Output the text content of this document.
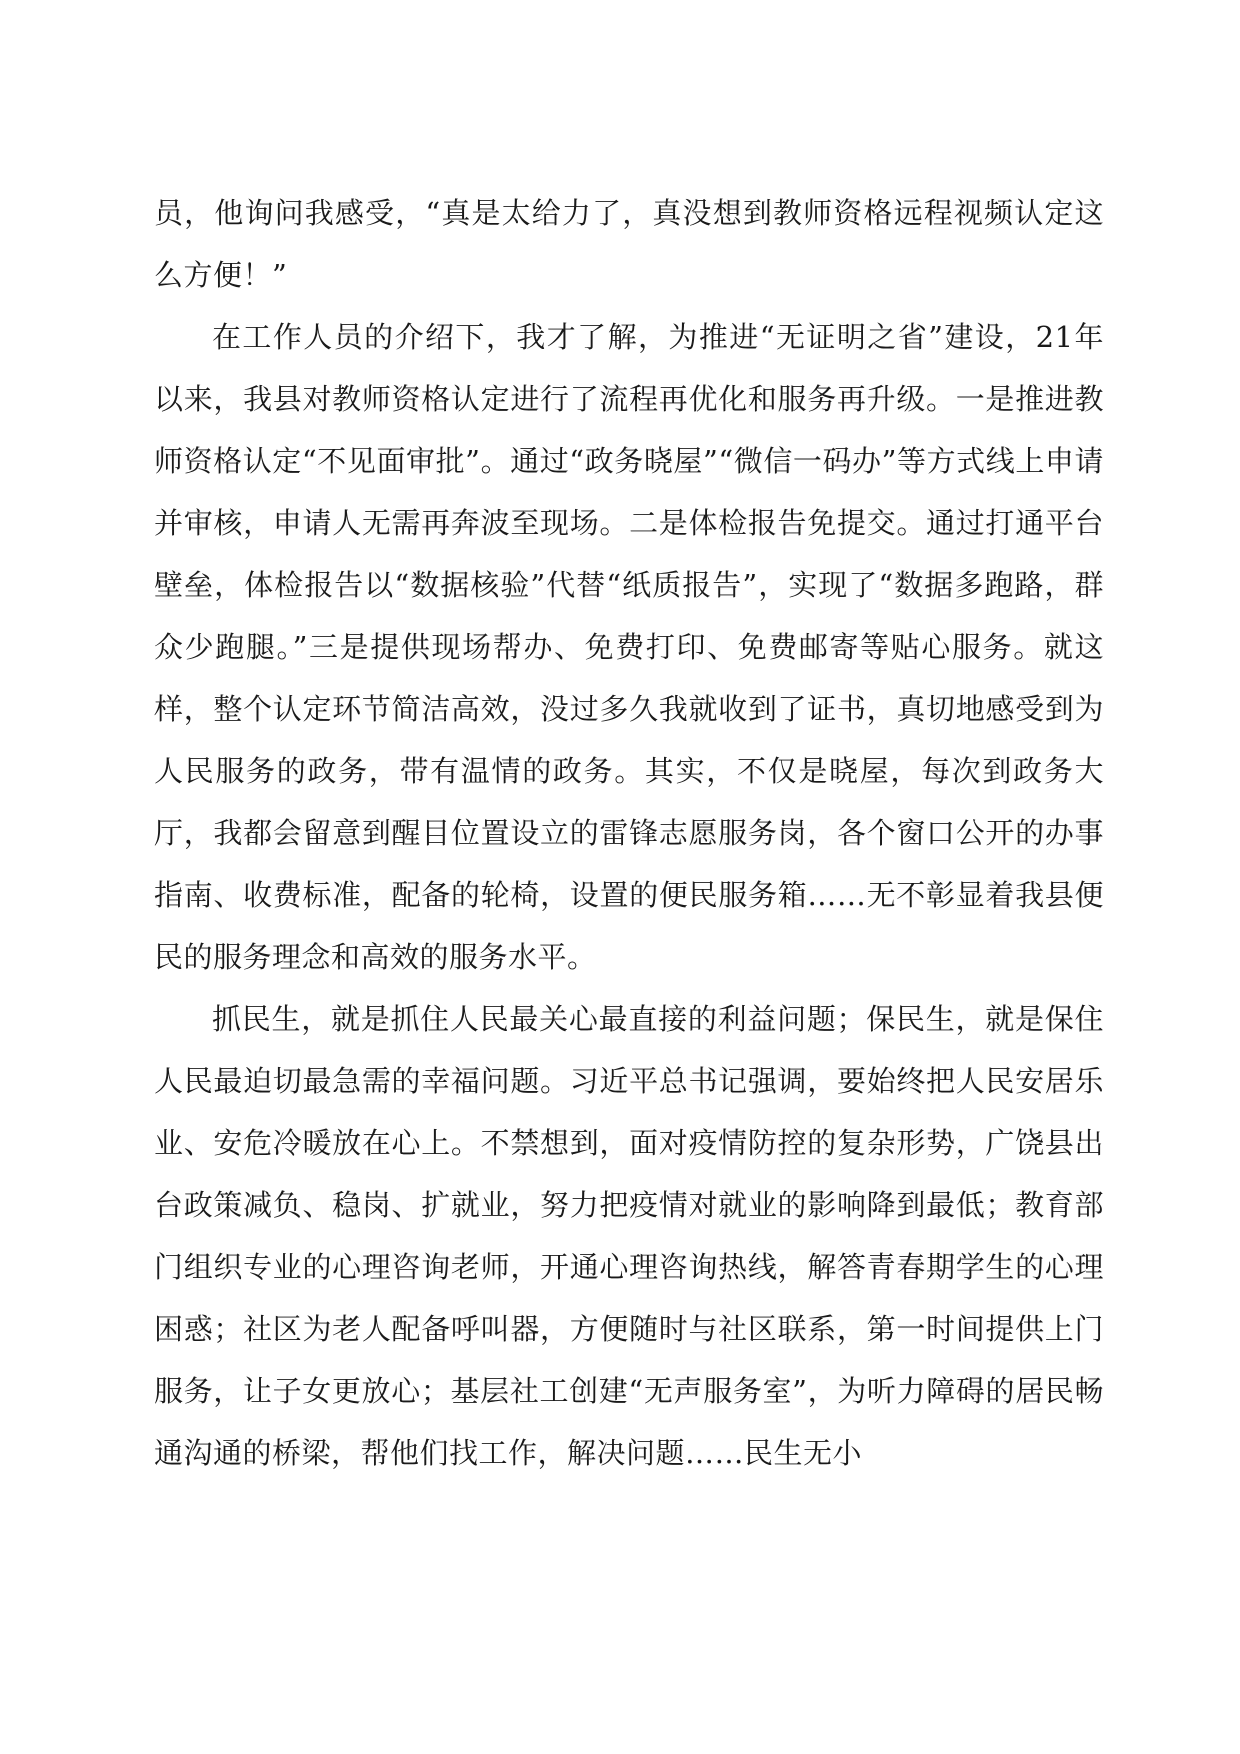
员，他询问我感受，“真是太给力了，真没想到教师资格远程视频认定这么方便！”

在工作人员的介绍下，我才了解，为推进“无证明之省”建设，21年以来，我县对教师资格认定进行了流程再优化和服务再升级。一是推进教师资格认定“不见面审批”。通过“政务晓屋”“微信一码办”等方式线上申请并审核，申请人无需再奔波至现场。二是体检报告免提交。通过打通平台壁垒，体检报告以“数据核验”代替“纸质报告”，实现了“数据多跑路，群众少跑腿。”三是提供现场帮办、免费打印、免费邮寄等贴心服务。就这样，整个认定环节简洁高效，没过多久我就收到了证书，真切地感受到为人民服务的政务，带有温情的政务。其实，不仅是晓屋，每次到政务大厅，我都会留意到醒目位置设立的雷锋志愿服务岗，各个窗口公开的办事指南、收费标准，配备的轮椅，设置的便民服务箱……无不彰显着我县便民的服务理念和高效的服务水平。

抓民生，就是抓住人民最关心最直接的利益问题；保民生，就是保住人民最迫切最急需的幸福问题。习近平总书记强调，要始终把人民安居乐业、安危冷暖放在心上。不禁想到，面对疫情防控的复杂形势，广饶县出台政策减负、稳岗、扩就业，努力把疫情对就业的影响降到最低；教育部门组织专业的心理咨询老师，开通心理咨询热线，解答青春期学生的心理困惑；社区为老人配备呼叫器，方便随时与社区联系，第一时间提供上门服务，让子女更放心；基层社工创建“无声服务室”，为听力障碍的居民畅通沟通的桥梁，帮他们找工作，解决问题……民生无小
